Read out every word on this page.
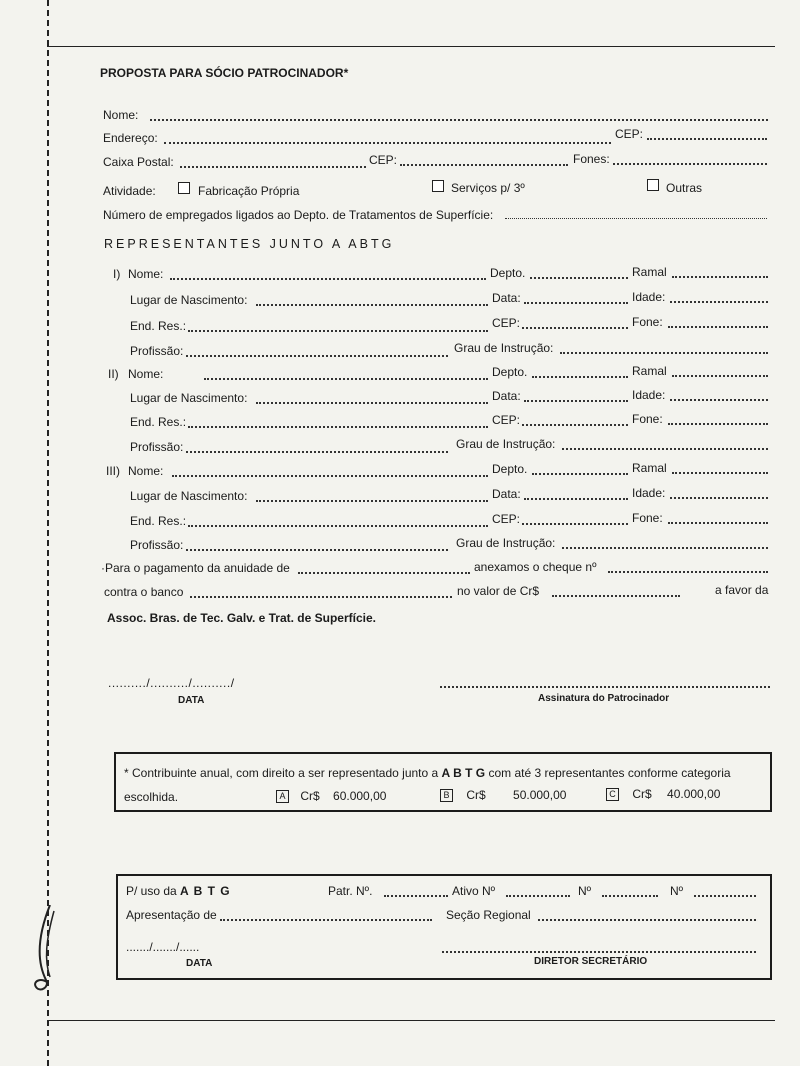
PROPOSTA PARA SÓCIO PATROCINADOR*
Nome:
Endereço:	CEP:
Caixa Postal:	CEP:	Fones:
Atividade:	Fabricação Própria	Serviços p/ 3º	Outras
Número de empregados ligados ao Depto. de Tratamentos de Superfície:
REPRESENTANTES JUNTO A ABTG
I) Nome:	Depto.	Ramal
Lugar de Nascimento:	Data:	Idade:
End. Res.:	CEP:	Fone:
Profissão:	Grau de Instrução:
II) Nome:	Depto.	Ramal
Lugar de Nascimento:	Data:	Idade:
End. Res.:	CEP:	Fone:
Profissão:	Grau de Instrução:
III) Nome:	Depto.	Ramal
Lugar de Nascimento:	Data:	Idade:
End. Res.:	CEP:	Fone:
Profissão:	Grau de Instrução:
·Para o pagamento da anuidade de	anexamos o cheque nº
contra o banco	no valor de Cr$	a favor da
Assoc. Bras. de Tec. Galv. e Trat. de Superfície.
........../........../........../
DATA	Assinatura do Patrocinador
* Contribuinte anual, com direito a ser representado junto a A B T G com até 3 representantes conforme categoria
escolhida.	A Cr$ 60.000,00	B Cr$ 50.000,00	C Cr$ 40.000,00
P/ uso da A B T G	Patr. Nº.	Ativo Nº	Nº	Nº
Apresentação de	Seção Regional
......./......./......
DATA	DIRETOR SECRETÁRIO
